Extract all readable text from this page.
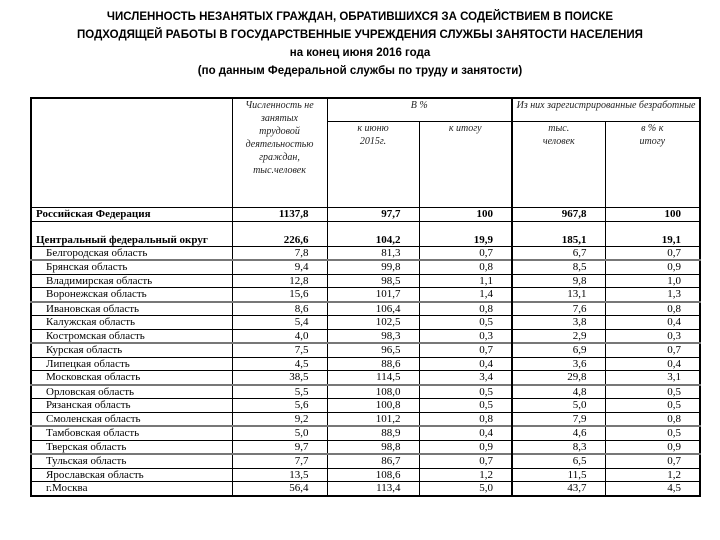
ЧИСЛЕННОСТЬ НЕЗАНЯТЫХ ГРАЖДАН, ОБРАТИВШИХСЯ ЗА СОДЕЙСТВИЕМ В ПОИСКЕ
ПОДХОДЯЩЕЙ РАБОТЫ В ГОСУДАРСТВЕННЫЕ УЧРЕЖДЕНИЯ СЛУЖБЫ ЗАНЯТОСТИ НАСЕЛЕНИЯ
на конец июня 2016 года
(по данным Федеральной службы по труду и занятости)
	Численность не занятых трудовой деятельностью граждан, тыс.человек	В %		Из них зарегистрированные безработные	
		к июню 2015г.	к итогу	тыс. человек	в % к итогу
Российская Федерация	1137,8	97,7	100	967,8	100
Центральный федеральный округ	226,6	104,2	19,9	185,1	19,1
Белгородская область	7,8	81,3	0,7	6,7	0,7
Брянская область	9,4	99,8	0,8	8,5	0,9
Владимирская область	12,8	98,5	1,1	9,8	1,0
Воронежская область	15,6	101,7	1,4	13,1	1,3
Ивановская область	8,6	106,4	0,8	7,6	0,8
Калужская область	5,4	102,5	0,5	3,8	0,4
Костромская область	4,0	98,3	0,3	2,9	0,3
Курская область	7,5	96,5	0,7	6,9	0,7
Липецкая область	4,5	88,6	0,4	3,6	0,4
Московская область	38,5	114,5	3,4	29,8	3,1
Орловская область	5,5	108,0	0,5	4,8	0,5
Рязанская область	5,6	100,8	0,5	5,0	0,5
Смоленская область	9,2	101,2	0,8	7,9	0,8
Тамбовская область	5,0	88,9	0,4	4,6	0,5
Тверская область	9,7	98,8	0,9	8,3	0,9
Тульская область	7,7	86,7	0,7	6,5	0,7
Ярославская область	13,5	108,6	1,2	11,5	1,2
г.Москва	56,4	113,4	5,0	43,7	4,5
